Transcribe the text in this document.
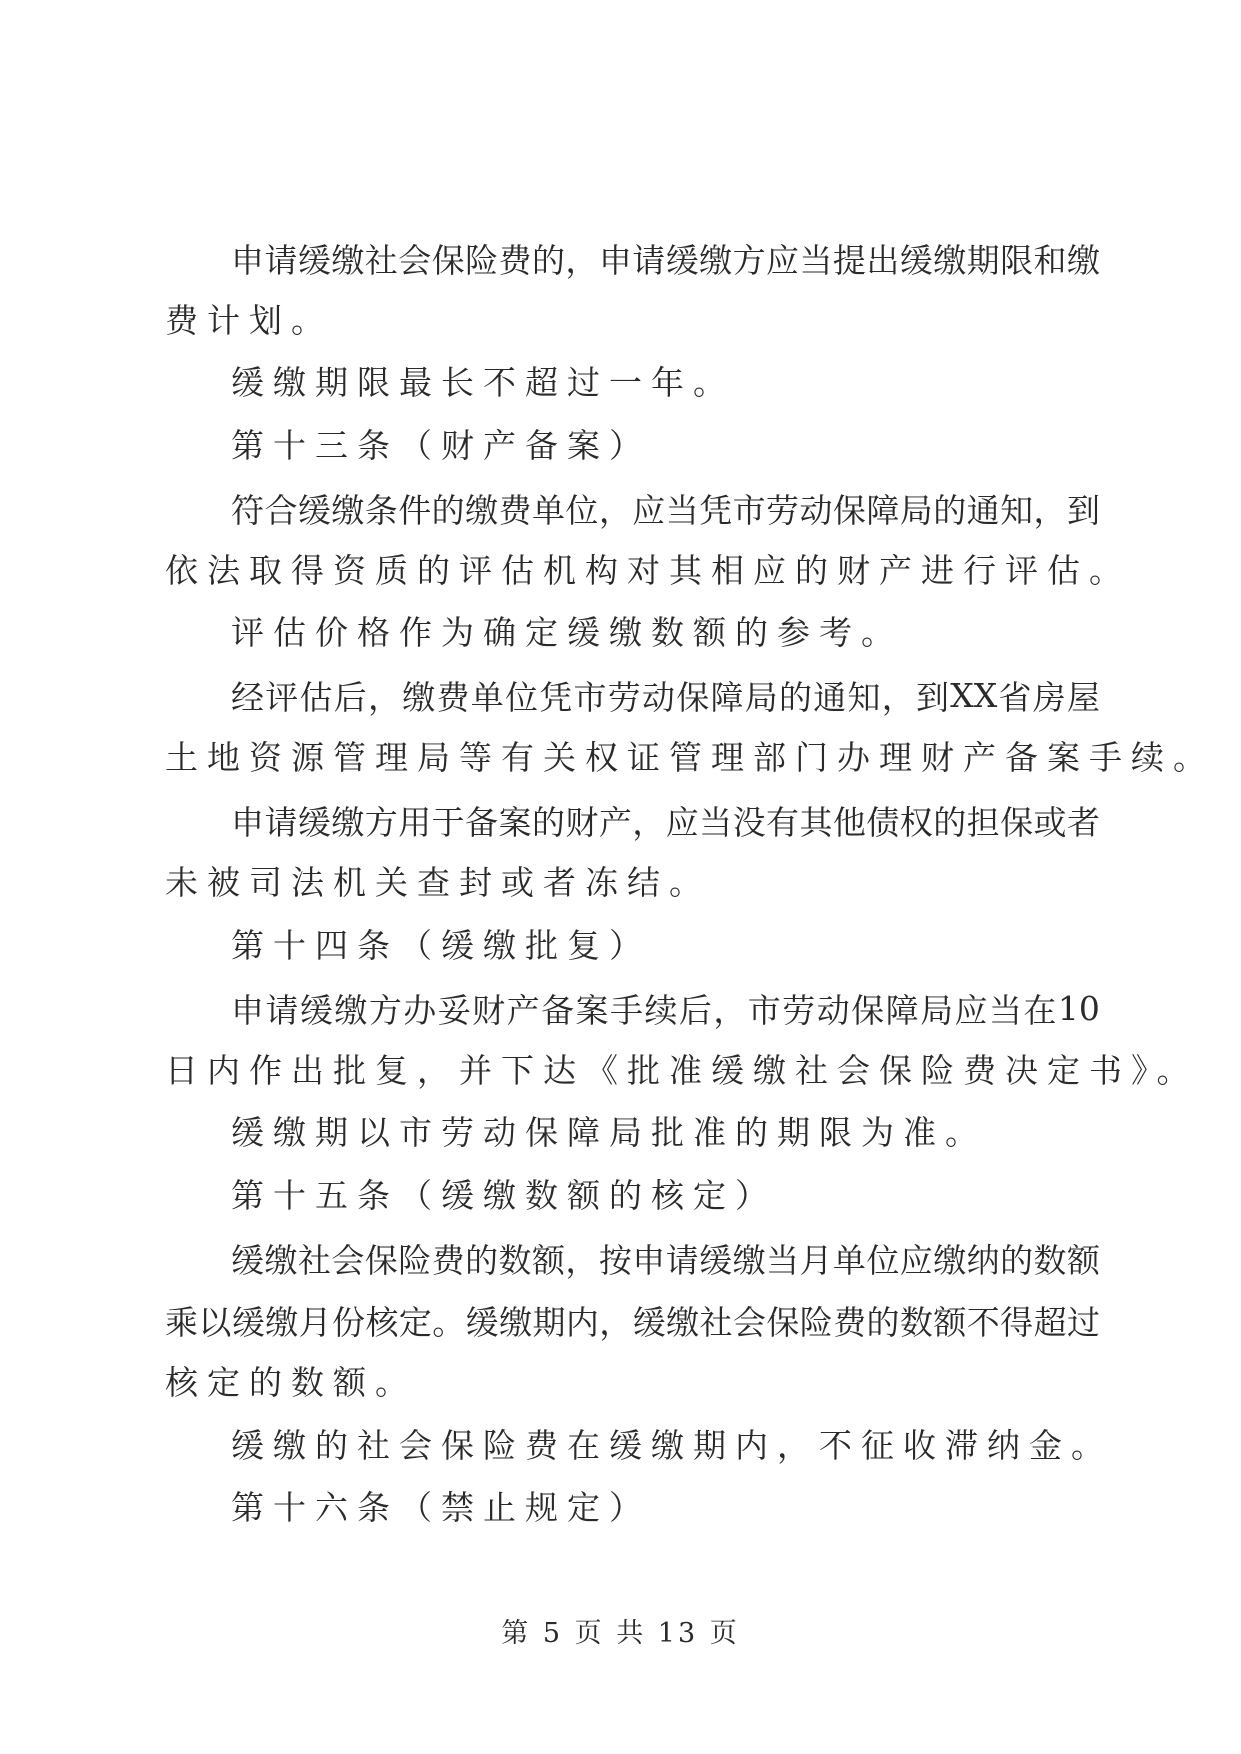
申 请 缓 缴 社 会 保 险 费 的 ， 申 请 缓 缴 方 应 当 提 出 缓 缴 期 限 和 缴
费计划。
缓缴期限最长不超过一年。
第十三条（财产备案）
符 合 缓 缴 条 件 的 缴 费 单 位 ， 应 当 凭 市 劳 动 保 障 局 的 通 知 ， 到
依法取得资质的评估机构对其相应的财产进行评估。
评估价格作为确定缓缴数额的参考。
经 评 估 后 ， 缴 费 单 位 凭 市 劳 动 保 障 局 的 通 知 ， 到 XX 省 房 屋
土地资源管理局等有关权证管理部门办理财产备案手续。
申 请 缓 缴 方 用 于 备 案 的 财 产 ， 应 当 没 有 其 他 债 权 的 担 保 或 者
未被司法机关查封或者冻结。
第十四条（缓缴批复）
申 请 缓 缴 方 办 妥 财 产 备 案 手 续 后 ， 市 劳 动 保 障 局 应 当 在 10
日内作出批复，并下达《批准缓缴社会保险费决定书》。
缓缴期以市劳动保障局批准的期限为准。
第十五条（缓缴数额的核定）
缓 缴 社 会 保 险 费 的 数 额 ， 按 申 请 缓 缴 当 月 单 位 应 缴 纳 的 数 额
乘 以 缓 缴 月 份 核 定 。 缓 缴 期 内 ， 缓 缴 社 会 保 险 费 的 数 额 不 得 超 过
核定的数额。
缓缴的社会保险费在缓缴期内，不征收滞纳金。
第十六条（禁止规定）
第 5 页 共 13 页
